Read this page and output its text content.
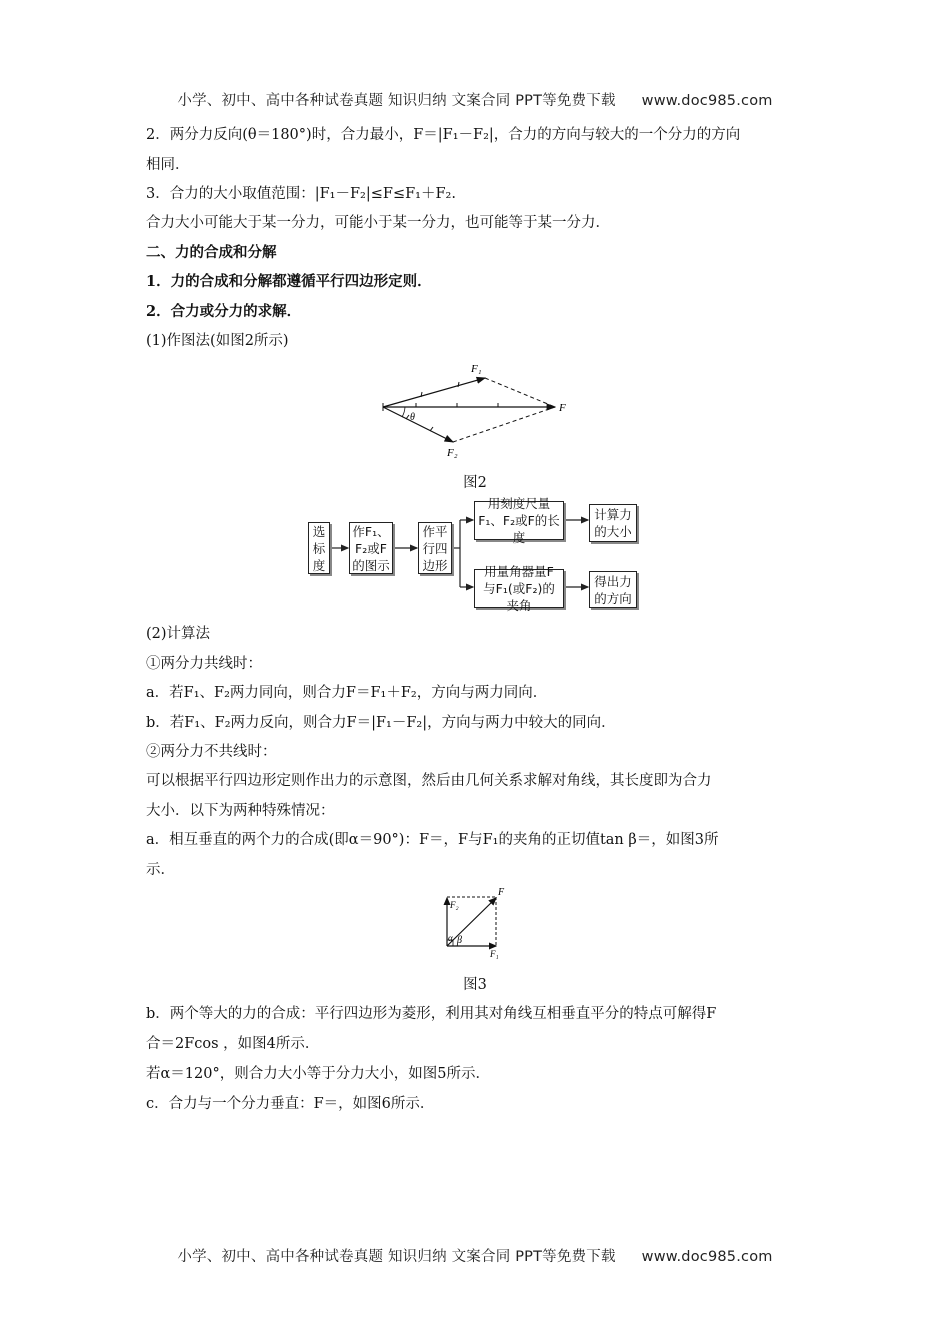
小学、初中、高中各种试卷真题 知识归纳 文案合同 PPT等免费下载 www.doc985.com
2．两分力反向(θ＝180°)时，合力最小，F＝|F₁－F₂|，合力的方向与较大的一个分力的方向
相同．
3．合力的大小取值范围：|F₁－F₂|≤F≤F₁＋F₂.
合力大小可能大于某一分力，可能小于某一分力，也可能等于某一分力．
二、力的合成和分解
1．力的合成和分解都遵循平行四边形定则．
2．合力或分力的求解．
(1)作图法(如图2所示)
F₁
F₂
F
θ
图2
选标度
作F₁、F₂或F的图示
作平行四边形
用刻度尺量F₁、F₂或F的长度
计算力的大小
用量角器量F与F₁(或F₂)的夹角
得出力的方向
(2)计算法
①两分力共线时：
a．若F₁、F₂两力同向，则合力F＝F₁＋F₂，方向与两力同向．
b．若F₁、F₂两力反向，则合力F＝|F₁－F₂|，方向与两力中较大的同向．
②两分力不共线时：
可以根据平行四边形定则作出力的示意图，然后由几何关系求解对角线，其长度即为合力
大小．以下为两种特殊情况：
a．相互垂直的两个力的合成(即α＝90°)：F＝，F与F₁的夹角的正切值tan β＝，如图3所
示．
F
F₂
F₁
α β
图3
b．两个等大的力的合成：平行四边形为菱形，利用其对角线互相垂直平分的特点可解得F
合＝2Fcos ，如图4所示．
若α＝120°，则合力大小等于分力大小，如图5所示．
c．合力与一个分力垂直：F＝，如图6所示．
小学、初中、高中各种试卷真题 知识归纳 文案合同 PPT等免费下载 www.doc985.com
